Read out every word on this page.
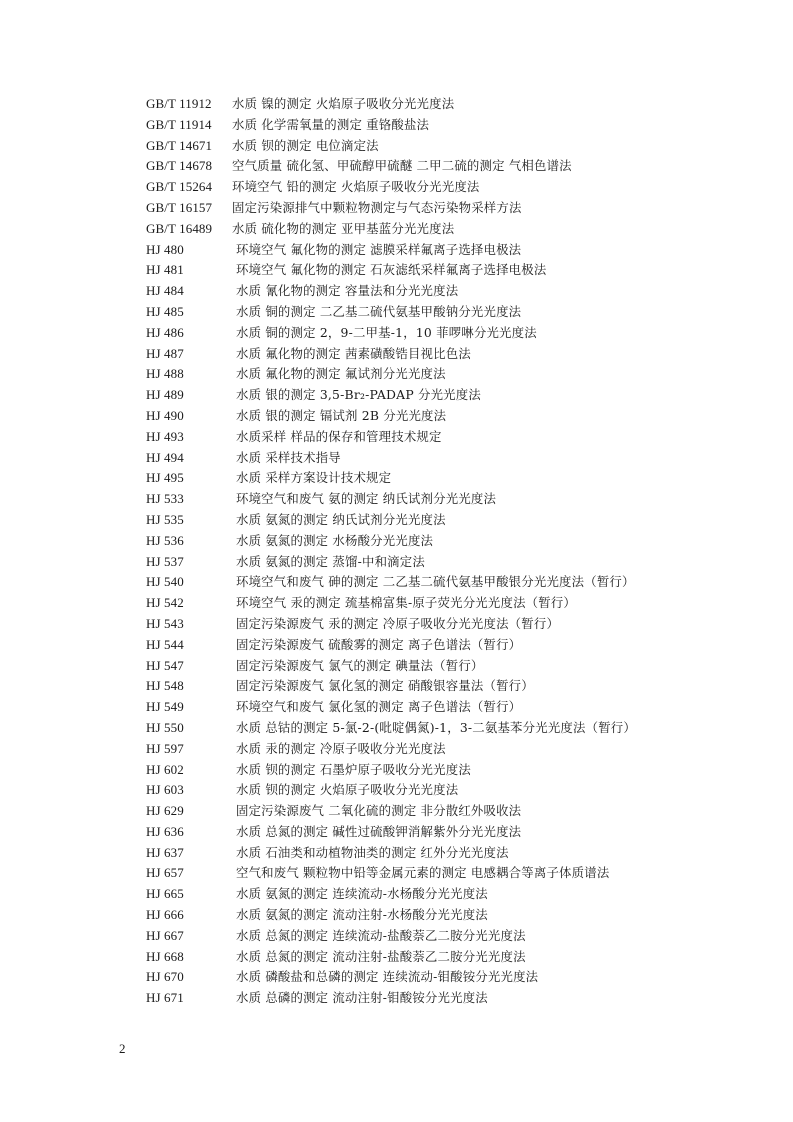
GB/T 11912	水质 镍的测定 火焰原子吸收分光光度法
GB/T 11914	水质 化学需氧量的测定 重铬酸盐法
GB/T 14671	水质 钡的测定 电位滴定法
GB/T 14678	空气质量 硫化氢、甲硫醇甲硫醚 二甲二硫的测定 气相色谱法
GB/T 15264	环境空气 铅的测定 火焰原子吸收分光光度法
GB/T 16157	固定污染源排气中颗粒物测定与气态污染物采样方法
GB/T 16489	水质 硫化物的测定 亚甲基蓝分光光度法
HJ 480	环境空气 氟化物的测定 滤膜采样氟离子选择电极法
HJ 481	环境空气 氟化物的测定 石灰滤纸采样氟离子选择电极法
HJ 484	水质 氰化物的测定 容量法和分光光度法
HJ 485	水质 铜的测定 二乙基二硫代氨基甲酸钠分光光度法
HJ 486	水质 铜的测定 2，9-二甲基-1，10 菲啰啉分光光度法
HJ 487	水质 氟化物的测定 茜素磺酸锆目视比色法
HJ 488	水质 氟化物的测定 氟试剂分光光度法
HJ 489	水质 银的测定 3,5-Br₂-PADAP 分光光度法
HJ 490	水质 银的测定 镉试剂 2B 分光光度法
HJ 493	水质采样 样品的保存和管理技术规定
HJ 494	水质 采样技术指导
HJ 495	水质 采样方案设计技术规定
HJ 533	环境空气和废气 氨的测定 纳氏试剂分光光度法
HJ 535	水质 氨氮的测定 纳氏试剂分光光度法
HJ 536	水质 氨氮的测定 水杨酸分光光度法
HJ 537	水质 氨氮的测定 蒸馏-中和滴定法
HJ 540	环境空气和废气 砷的测定 二乙基二硫代氨基甲酸银分光光度法（暂行）
HJ 542	环境空气 汞的测定 巯基棉富集-原子荧光分光光度法（暂行）
HJ 543	固定污染源废气 汞的测定 冷原子吸收分光光度法（暂行）
HJ 544	固定污染源废气 硫酸雾的测定 离子色谱法（暂行）
HJ 547	固定污染源废气 氯气的测定 碘量法（暂行）
HJ 548	固定污染源废气 氯化氢的测定 硝酸银容量法（暂行）
HJ 549	环境空气和废气 氯化氢的测定 离子色谱法（暂行）
HJ 550	水质 总钴的测定 5-氯-2-(吡啶偶氮)-1，3-二氨基苯分光光度法（暂行）
HJ 597	水质 汞的测定 冷原子吸收分光光度法
HJ 602	水质 钡的测定 石墨炉原子吸收分光光度法
HJ 603	水质 钡的测定 火焰原子吸收分光光度法
HJ 629	固定污染源废气 二氧化硫的测定 非分散红外吸收法
HJ 636	水质 总氮的测定 碱性过硫酸钾消解紫外分光光度法
HJ 637	水质 石油类和动植物油类的测定 红外分光光度法
HJ 657	空气和废气 颗粒物中铅等金属元素的测定 电感耦合等离子体质谱法
HJ 665	水质 氨氮的测定 连续流动-水杨酸分光光度法
HJ 666	水质 氨氮的测定 流动注射-水杨酸分光光度法
HJ 667	水质 总氮的测定 连续流动-盐酸萘乙二胺分光光度法
HJ 668	水质 总氮的测定 流动注射-盐酸萘乙二胺分光光度法
HJ 670	水质 磷酸盐和总磷的测定 连续流动-钼酸铵分光光度法
HJ 671	水质 总磷的测定 流动注射-钼酸铵分光光度法
2
